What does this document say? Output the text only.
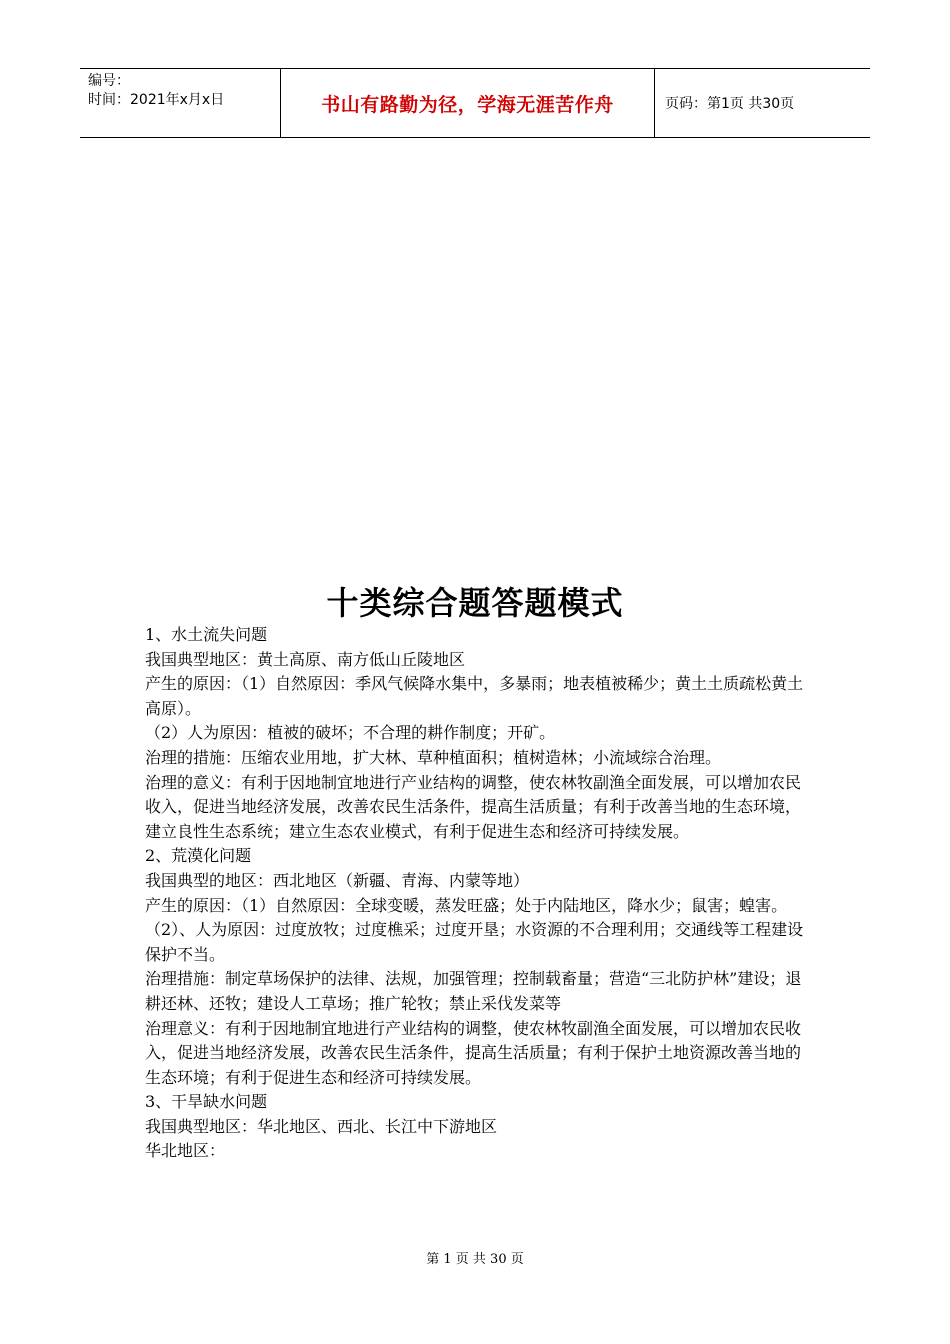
编号：
时间：2021年x月x日	书山有路勤为径，学海无涯苦作舟	页码：第1页 共30页
十类综合题答题模式

1、水土流失问题

我国典型地区：黄土高原、南方低山丘陵地区

产生的原因：（1）自然原因：季风气候降水集中，多暴雨；地表植被稀少；黄土土质疏松黄土高原）。

（2）人为原因：植被的破坏；不合理的耕作制度；开矿。

治理的措施：压缩农业用地，扩大林、草种植面积；植树造林；小流域综合治理。

治理的意义：有利于因地制宜地进行产业结构的调整，使农林牧副渔全面发展，可以增加农民收入，促进当地经济发展，改善农民生活条件，提高生活质量；有利于改善当地的生态环境，建立良性生态系统；建立生态农业模式，有利于促进生态和经济可持续发展。

2、荒漠化问题

我国典型的地区：西北地区（新疆、青海、内蒙等地）

产生的原因：（1）自然原因：全球变暖，蒸发旺盛；处于内陆地区，降水少；鼠害；蝗害。（2）、人为原因：过度放牧；过度樵采；过度开垦；水资源的不合理利用；交通线等工程建设保护不当。

治理措施：制定草场保护的法律、法规，加强管理；控制载畜量；营造“三北防护林”建设；退耕还林、还牧；建设人工草场；推广轮牧；禁止采伐发菜等

治理意义：有利于因地制宜地进行产业结构的调整，使农林牧副渔全面发展，可以增加农民收入，促进当地经济发展，改善农民生活条件，提高生活质量；有利于保护土地资源改善当地的生态环境；有利于促进生态和经济可持续发展。

3、干旱缺水问题

我国典型地区：华北地区、西北、长江中下游地区

华北地区：

第 1 页 共 30 页
